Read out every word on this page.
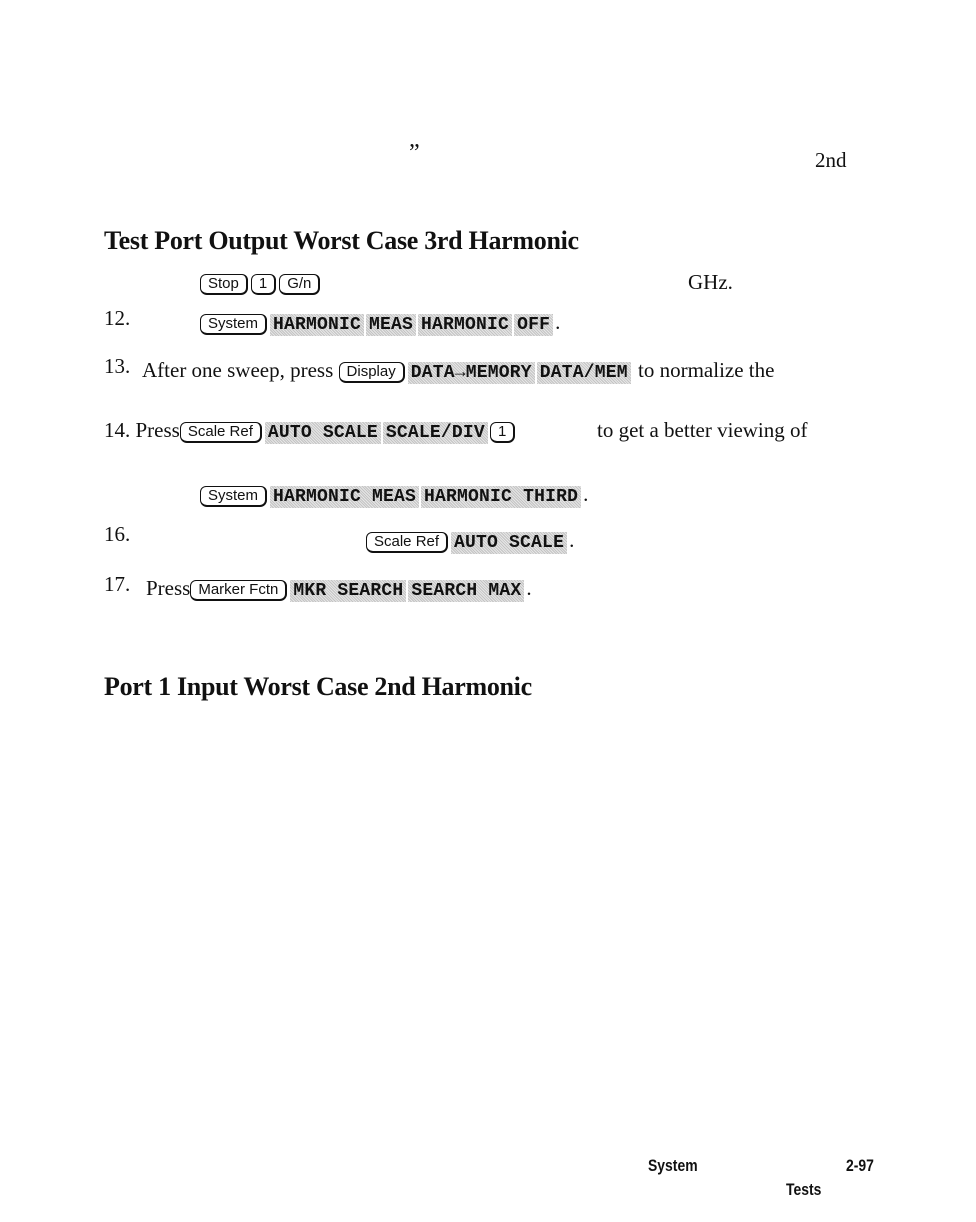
”	2nd
Test Port Output Worst Case 3rd Harmonic
Stop 1 G/n	GHz.
12.	System HARMONIC MEAS HARMONIC OFF .
13. After one sweep, press Display DATA→MEMORY DATA/MEM to normalize the
14. Press Scale Ref AUTO SCALE SCALE/DIV 1	to get a better viewing of
System HARMONIC MEAS HARMONIC THIRD .
16.	Scale Ref AUTO SCALE .
17. Press Marker Fctn MKR SEARCH SEARCH MAX .
Port 1 Input Worst Case 2nd Harmonic
System	2-97
Tests
